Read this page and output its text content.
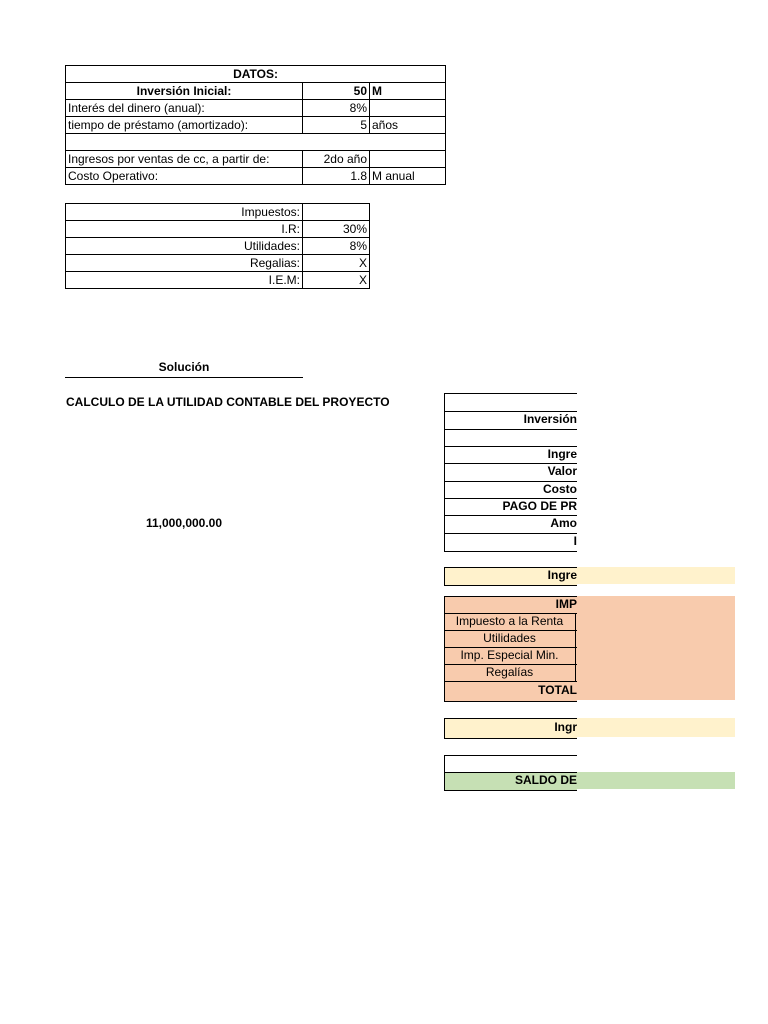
DATOS:		
Inversión Inicial:	50	M
Interés del dinero (anual):	8%	
tiempo de préstamo (amortizado):	5	años

Ingresos por ventas de cc, a partir de:	2do año	
Costo Operativo:	1.8	M anual
Impuestos:	
I.R:	30%
Utilidades:	8%
Regalias:	X
I.E.M:	X
Solución
CALCULO DE LA UTILIDAD CONTABLE DEL PROYECTO
11,000,000.00
Inversión
Ingre
Valor
Costo
PAGO DE PR
Amo
I
Ingre
IMP
Impuesto a la Renta
Utilidades
Imp. Especial Min.
Regalías
TOTAL
Ingr
SALDO DE
